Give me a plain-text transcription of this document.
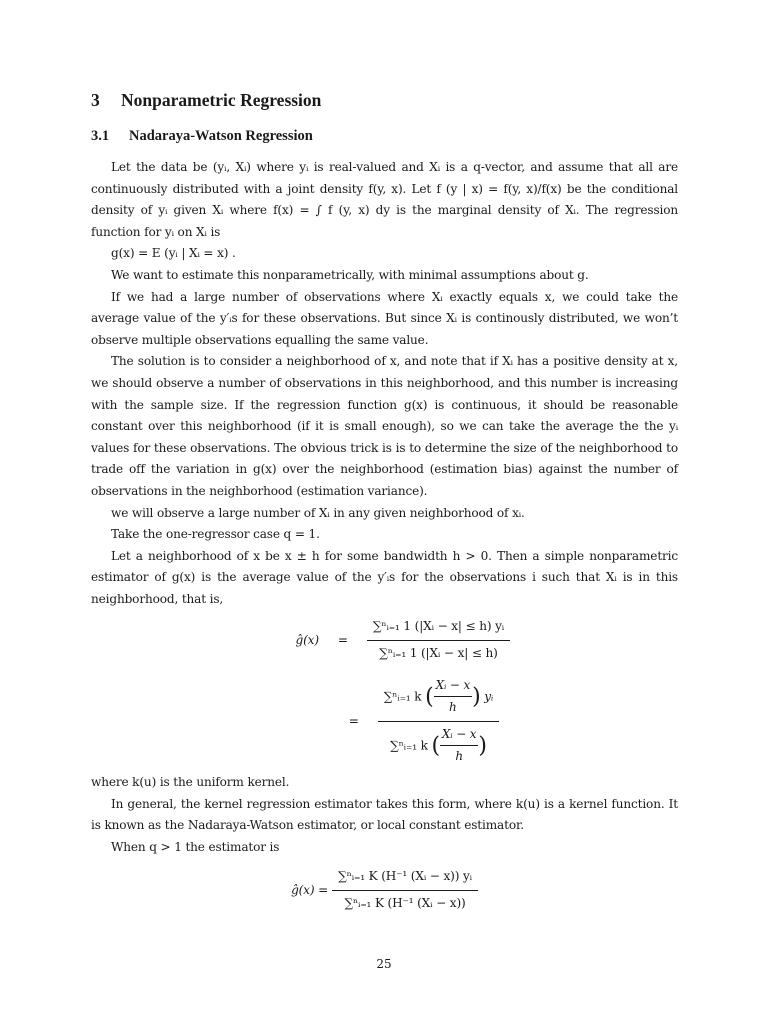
3 Nonparametric Regression
3.1 Nadaraya-Watson Regression

Let the data be (yᵢ, Xᵢ) where yᵢ is real-valued and Xᵢ is a q-vector, and assume that all are continuously distributed with a joint density f(y, x). Let f (y | x) = f(y, x)/f(x) be the conditional density of yᵢ given Xᵢ where f(x) = ∫ f (y, x) dy is the marginal density of Xᵢ. The regression function for yᵢ on Xᵢ is

g(x) = E (yᵢ | Xᵢ = x) .

We want to estimate this nonparametrically, with minimal assumptions about g.

If we had a large number of observations where Xᵢ exactly equals x, we could take the average value of the y′ᵢs for these observations. But since Xᵢ is continously distributed, we won’t observe multiple observations equalling the same value.

The solution is to consider a neighborhood of x, and note that if Xᵢ has a positive density at x, we should observe a number of observations in this neighborhood, and this number is increasing with the sample size. If the regression function g(x) is continuous, it should be reasonable constant over this neighborhood (if it is small enough), so we can take the average the the yᵢ values for these observations. The obvious trick is is to determine the size of the neighborhood to trade off the variation in g(x) over the neighborhood (estimation bias) against the number of observations in the neighborhood (estimation variance).

we will observe a large number of Xᵢ in any given neighborhood of xᵢ.

Take the one-regressor case q = 1.

Let a neighborhood of x be x ± h for some bandwidth h > 0. Then a simple nonparametric estimator of g(x) is the average value of the y′ᵢs for the observations i such that Xᵢ is in this neighborhood, that is,

ĝ(x)	=	$\frac{\text{∑ⁿᵢ₌₁ 1 (|Xᵢ − x| ≤ h) yᵢ}}{\text{∑ⁿᵢ₌₁ 1 (|Xᵢ − x| ≤ h)}}$
=	$\frac{\sum^nᵢ_{=1} k ( \frac{\text{Xᵢ − x}}{h} ) yᵢ}{\sum^nᵢ_{=1} k ( \frac{\text{Xᵢ − x}}{h} )}$

where k(u) is the uniform kernel.

In general, the kernel regression estimator takes this form, where k(u) is a kernel function. It is known as the Nadaraya-Watson estimator, or local constant estimator.

When q > 1 the estimator is

ĝ(x) = $\frac{\text{∑ⁿᵢ₌₁ K (H⁻¹ (Xᵢ − x)) yᵢ}}{\text{∑ⁿᵢ₌₁ K (H⁻¹ (Xᵢ − x))}}$
25
